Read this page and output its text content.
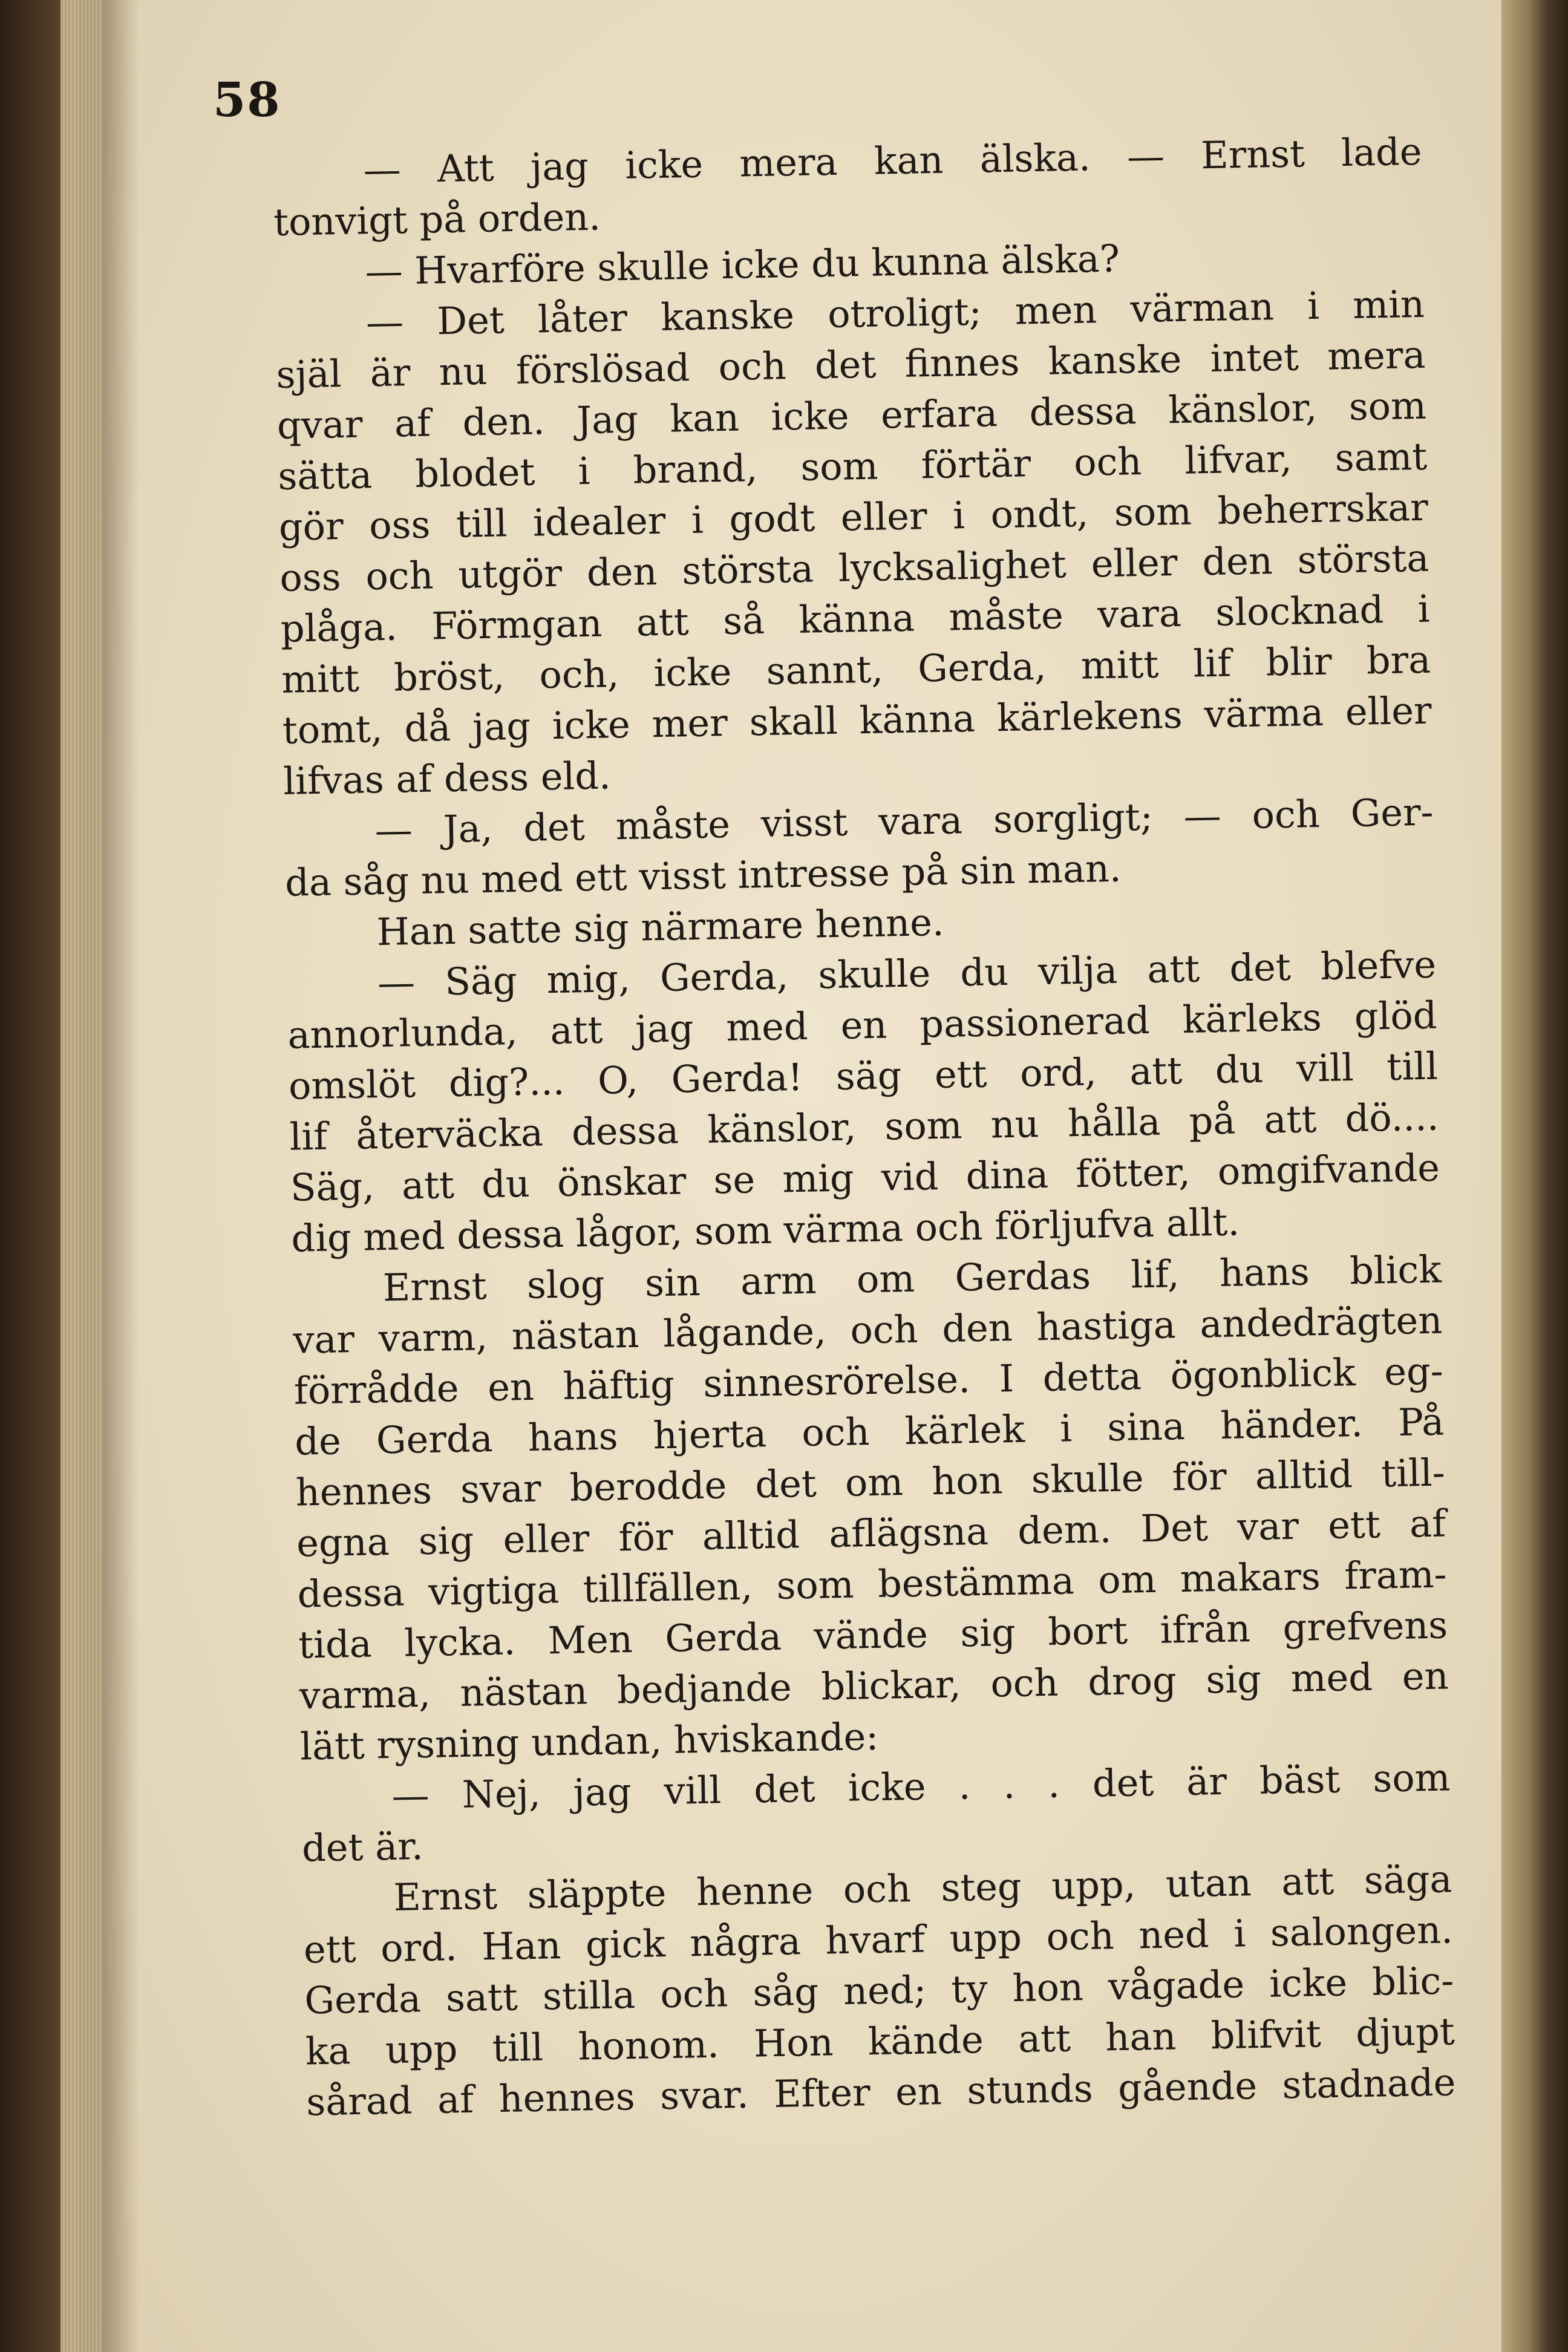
58
— Att jag icke mera kan älska. — Ernst lade
tonvigt på orden.
— Hvarföre skulle icke du kunna älska?
— Det låter kanske otroligt; men värman i min
själ är nu förslösad och det finnes kanske intet mera
qvar af den. Jag kan icke erfara dessa känslor, som
sätta blodet i brand, som förtär och lifvar, samt
gör oss till idealer i godt eller i ondt, som beherrskar
oss och utgör den största lycksalighet eller den största
plåga. Förmgan att så känna måste vara slocknad i
mitt bröst, och, icke sannt, Gerda, mitt lif blir bra
tomt, då jag icke mer skall känna kärlekens värma eller
lifvas af dess eld.
— Ja, det måste visst vara sorgligt; — och Ger-
da såg nu med ett visst intresse på sin man.
Han satte sig närmare henne.
— Säg mig, Gerda, skulle du vilja att det blefve
annorlunda, att jag med en passionerad kärleks glöd
omslöt dig?... O, Gerda! säg ett ord, att du vill till
lif återväcka dessa känslor, som nu hålla på att dö....
Säg, att du önskar se mig vid dina fötter, omgifvande
dig med dessa lågor, som värma och förljufva allt.
Ernst slog sin arm om Gerdas lif, hans blick
var varm, nästan lågande, och den hastiga andedrägten
förrådde en häftig sinnesrörelse. I detta ögonblick eg-
de Gerda hans hjerta och kärlek i sina händer. På
hennes svar berodde det om hon skulle för alltid till-
egna sig eller för alltid aflägsna dem. Det var ett af
dessa vigtiga tillfällen, som bestämma om makars fram-
tida lycka. Men Gerda vände sig bort ifrån grefvens
varma, nästan bedjande blickar, och drog sig med en
lätt rysning undan, hviskande:
— Nej, jag vill det icke . . . det är bäst som
det är.
Ernst släppte henne och steg upp, utan att säga
ett ord. Han gick några hvarf upp och ned i salongen.
Gerda satt stilla och såg ned; ty hon vågade icke blic-
ka upp till honom. Hon kände att han blifvit djupt
sårad af hennes svar. Efter en stunds gående stadnade
